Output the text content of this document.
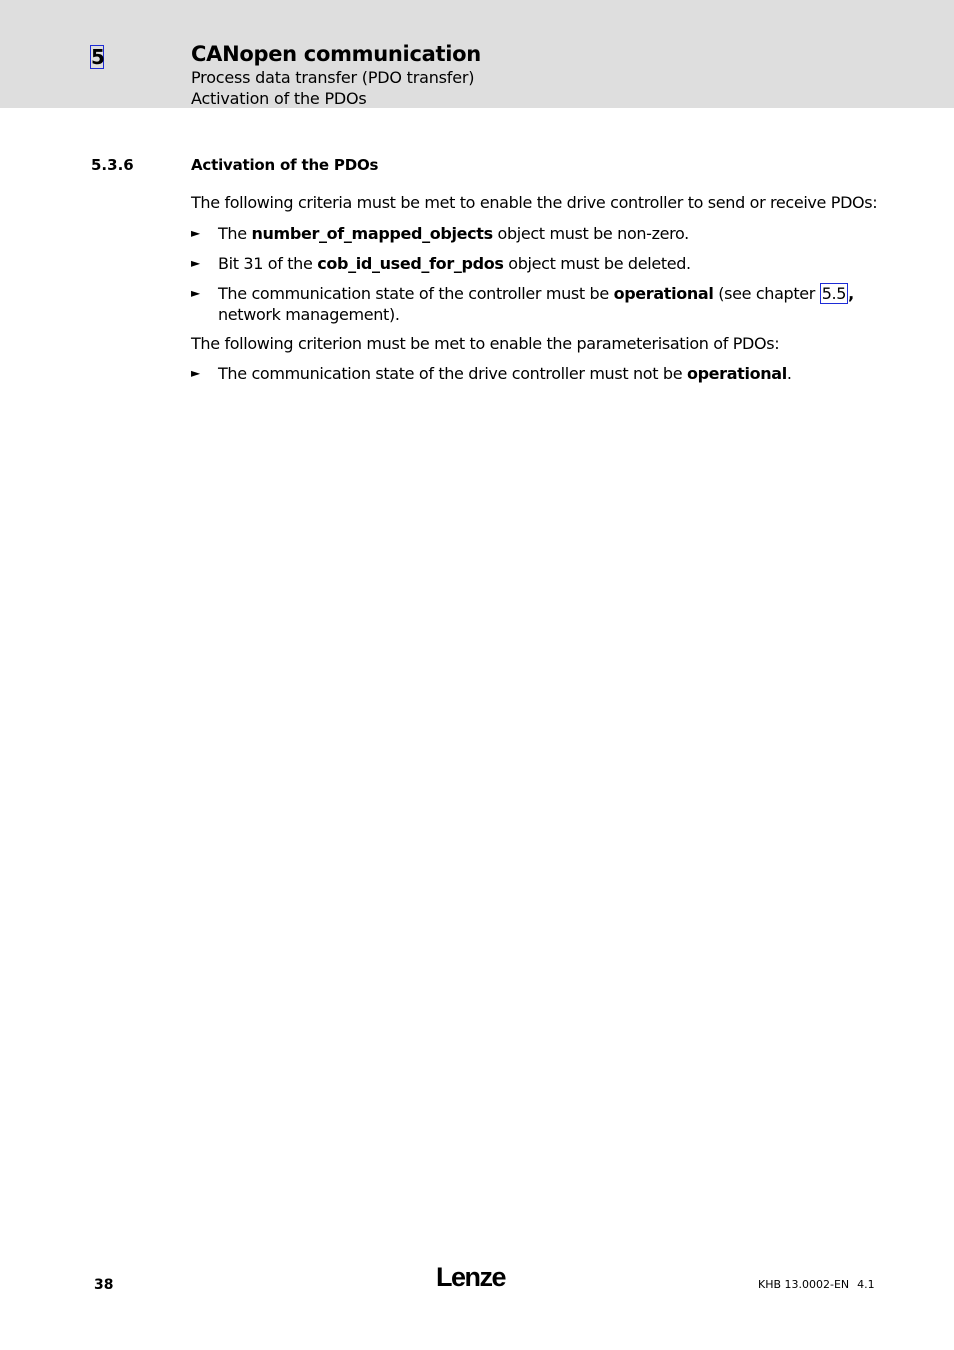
5	CANopen communication
Process data transfer (PDO transfer)
Activation of the PDOs
5.3.6	Activation of the PDOs
The following criteria must be met to enable the drive controller to send or receive PDOs:
► The number_of_mapped_objects object must be non-zero.
► Bit 31 of the cob_id_used_for_pdos object must be deleted.
► The communication state of the controller must be operational (see chapter 5.5 ,
network management).
The following criterion must be met to enable the parameterisation of PDOs:
► The communication state of the drive controller must not be operational.
38	Lenze	KHB 13.0002-EN 4.1
